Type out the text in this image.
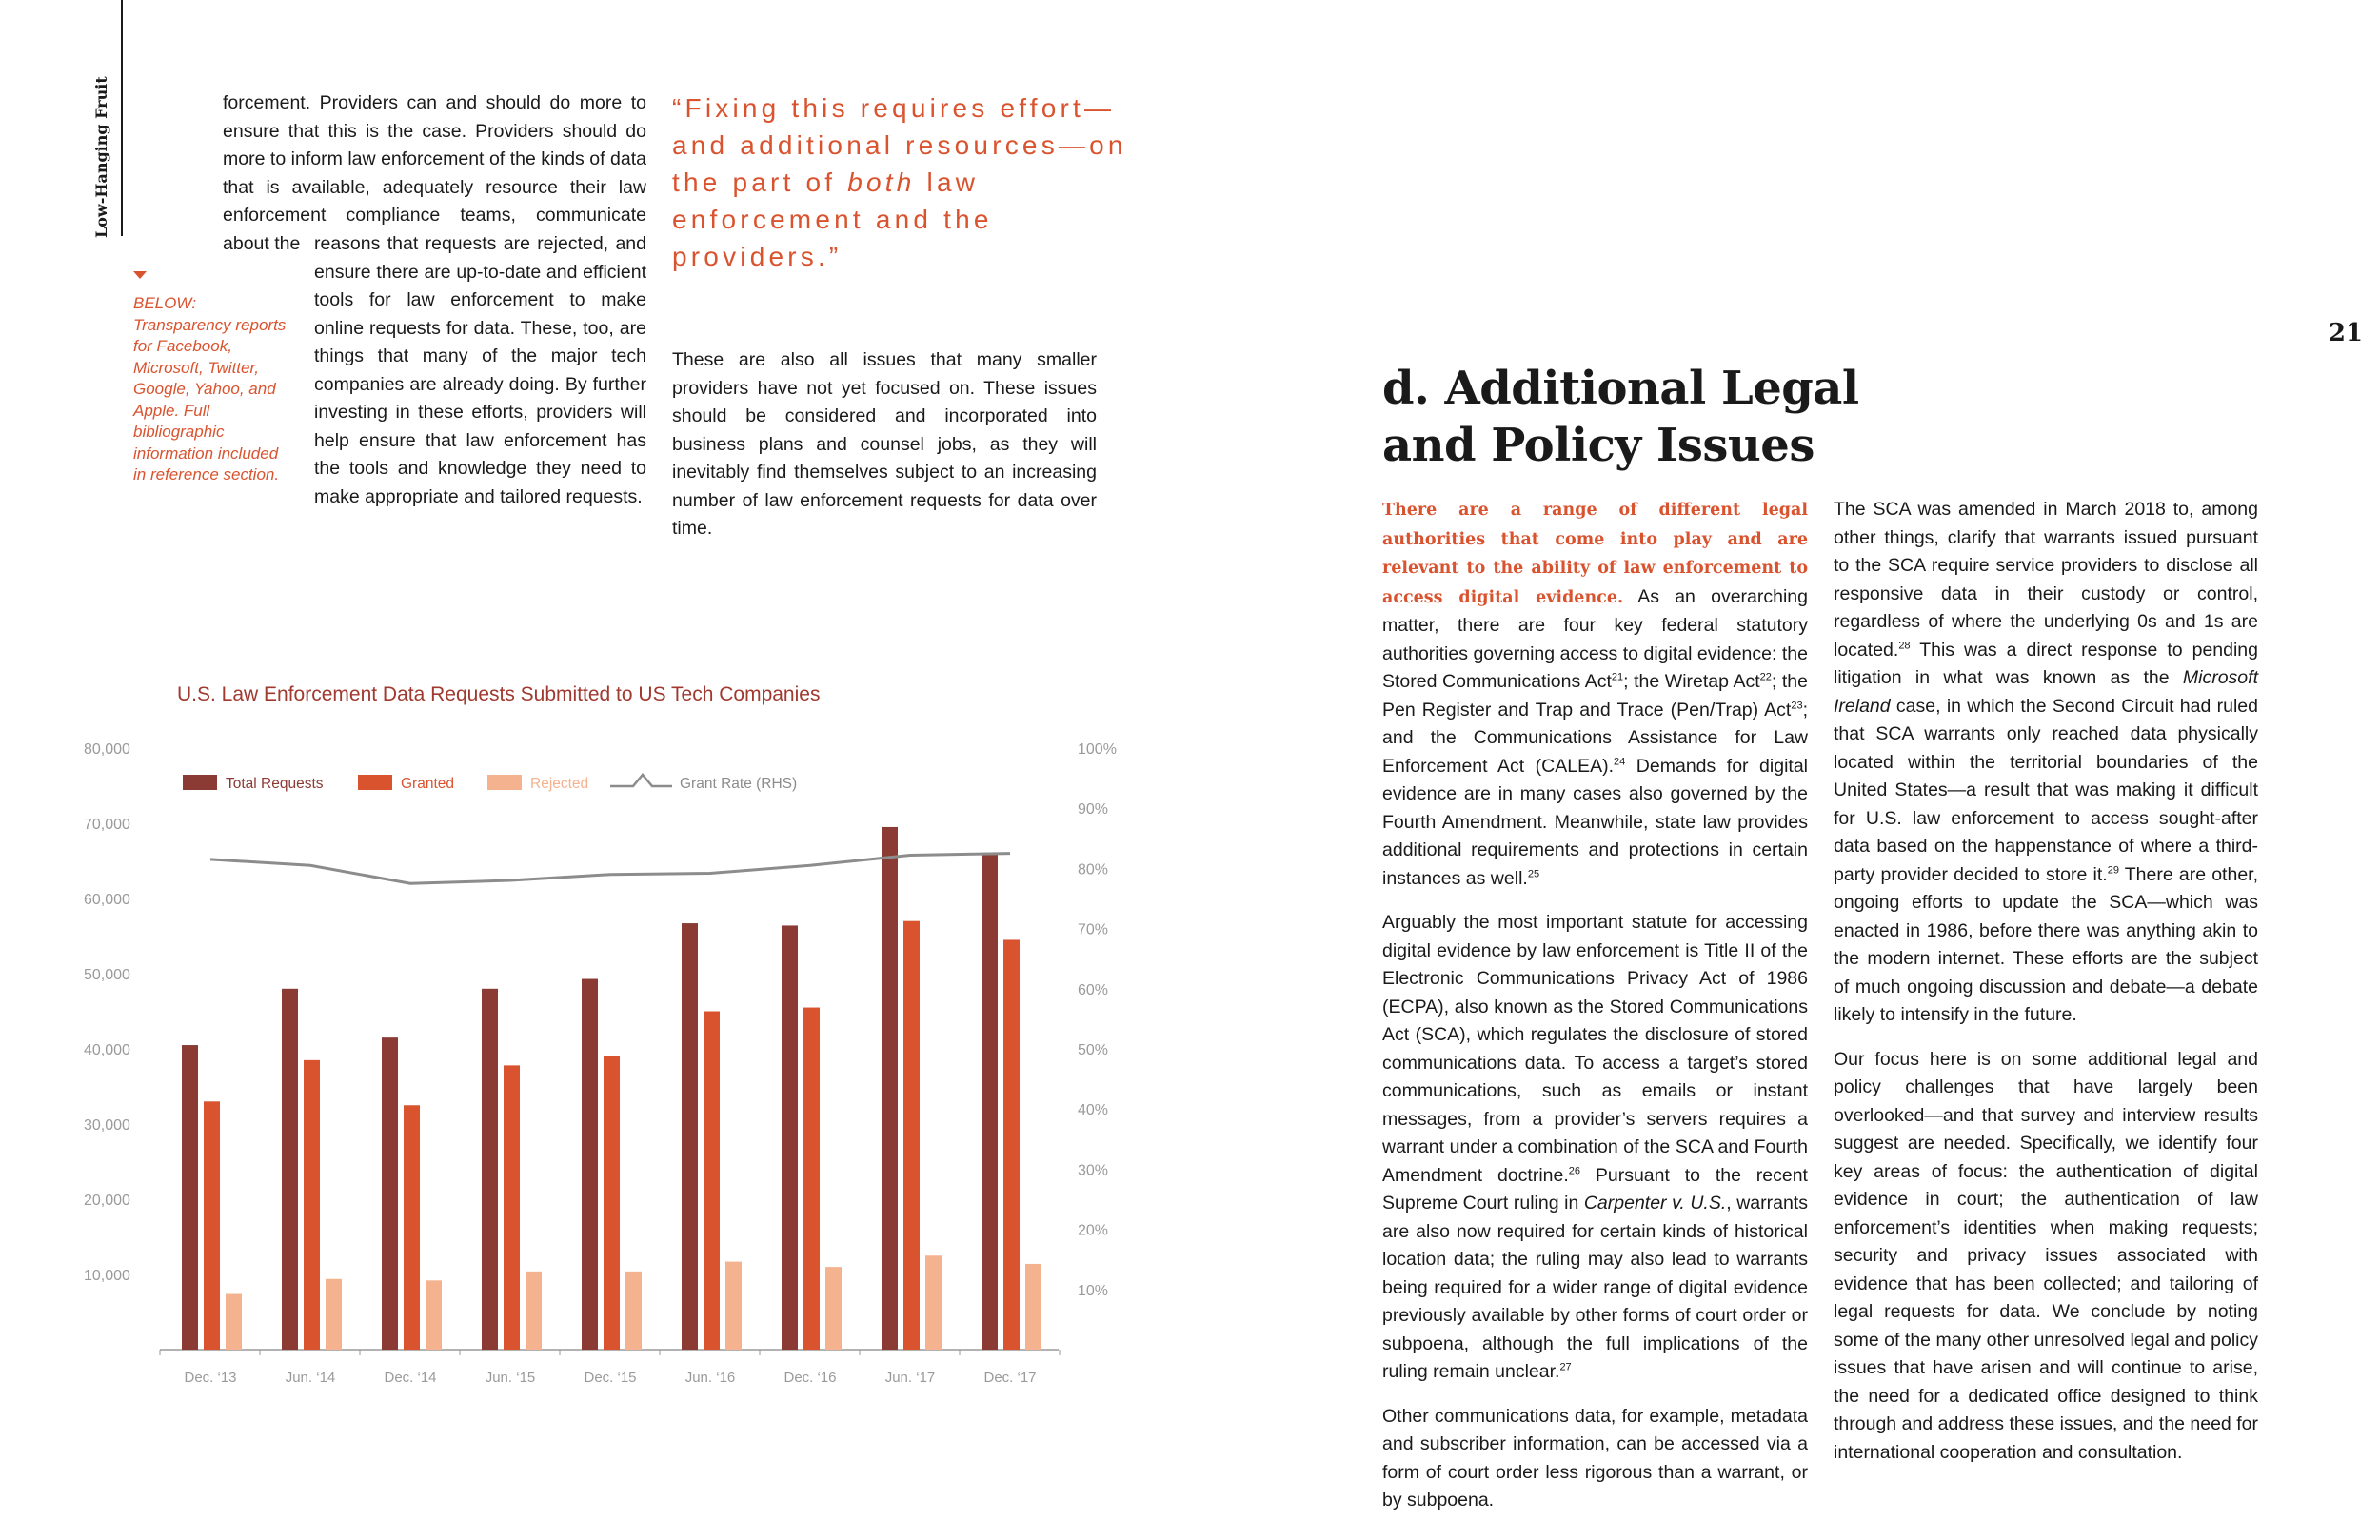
Low-Hanging Fruit	forcement. Providers can and should do more to ensure that this is the case. Providers should do more to inform law enforcement of the kinds of data that is available, adequately resource their law enforcement compliance teams, communicate about the reasons that requests are rejected, and ensure there are up-to-date and efficient tools for law enforcement to make online requests for data. These, too, are things that many of the major tech companies are already doing. By further investing in these efforts, providers will help ensure that law enforcement has the tools and knowledge they need to make appropriate and tailored requests.

BELOW: Transparency reports for Facebook, Microsoft, Twitter, Google, Yahoo, and Apple. Full bibliographic information included in reference section.
“Fixing this requires effort—and additional resources—on the part of both law enforcement and the providers.”

These are also all issues that many smaller providers have not yet focused on. These issues should be considered and incorporated into business plans and counsel jobs, as they will inevitably find themselves subject to an increasing number of law enforcement requests for data over time.

U.S. Law Enforcement Data Requests Submitted to US Tech Companies
80,000
70,000
60,000
50,000
40,000
30,000
20,000
10,000
100%
90%
80%
70%
60%
50%
40%
30%
20%
10%
Dec. ‘13	Jun. ‘14	Dec. ‘14	Jun. ‘15	Dec. ‘15	Jun. ‘16	Dec. ‘16	Jun. ‘17	Dec. ‘17
Total Requests	Granted	Rejected	Grant Rate (RHS)
21
d. Additional Legal
and Policy Issues

There are a range of different legal authorities that come into play and are relevant to the ability of law enforcement to access digital evidence. As an overarching matter, there are four key federal statutory authorities governing access to digital evidence: the Stored Communications Act$^{21}$; the Wiretap Act$^{22}$; the Pen Register and Trap and Trace (Pen/Trap) Act$^{23}$; and the Communications Assistance for Law Enforcement Act (CALEA).$^{24}$ Demands for digital evidence are in many cases also governed by the Fourth Amendment. Meanwhile, state law provides additional requirements and protections in certain instances as well.$^{25}$

Arguably the most important statute for accessing digital evidence by law enforcement is Title II of the Electronic Communications Privacy Act of 1986 (ECPA), also known as the Stored Communications Act (SCA), which regulates the disclosure of stored communications data. To access a target’s stored communications, such as emails or instant messages, from a provider’s servers requires a warrant under a combination of the SCA and Fourth Amendment doctrine.$^{26}$ Pursuant to the recent Supreme Court ruling in Carpenter v. U.S., warrants are also now required for certain kinds of historical location data; the ruling may also lead to warrants being required for a wider range of digital evidence previously available by other forms of court order or subpoena, although the full implications of the ruling remain unclear.$^{27}$

Other communications data, for example, metadata and subscriber information, can be accessed via a form of court order less rigorous than a warrant, or by subpoena.

The SCA was amended in March 2018 to, among other things, clarify that warrants issued pursuant to the SCA require service providers to disclose all responsive data in their custody or control, regardless of where the underlying 0s and 1s are located.$^{28}$ This was a direct response to pending litigation in what was known as the Microsoft Ireland case, in which the Second Circuit had ruled that SCA warrants only reached data physically located within the territorial boundaries of the United States—a result that was making it difficult for U.S. law enforcement to access sought-after data based on the happenstance of where a third-party provider decided to store it.$^{29}$ There are other, ongoing efforts to update the SCA—which was enacted in 1986, before there was anything akin to the modern internet. These efforts are the subject of much ongoing discussion and debate—a debate likely to intensify in the future.

Our focus here is on some additional legal and policy challenges that have largely been overlooked—and that survey and interview results suggest are needed. Specifically, we identify four key areas of focus: the authentication of digital evidence in court; the authentication of law enforcement’s identities when making requests; security and privacy issues associated with evidence that has been collected; and tailoring of legal requests for data. We conclude by noting some of the many other unresolved legal and policy issues that have arisen and will continue to arise, the need for a dedicated office designed to think through and address these issues, and the need for international cooperation and consultation.
